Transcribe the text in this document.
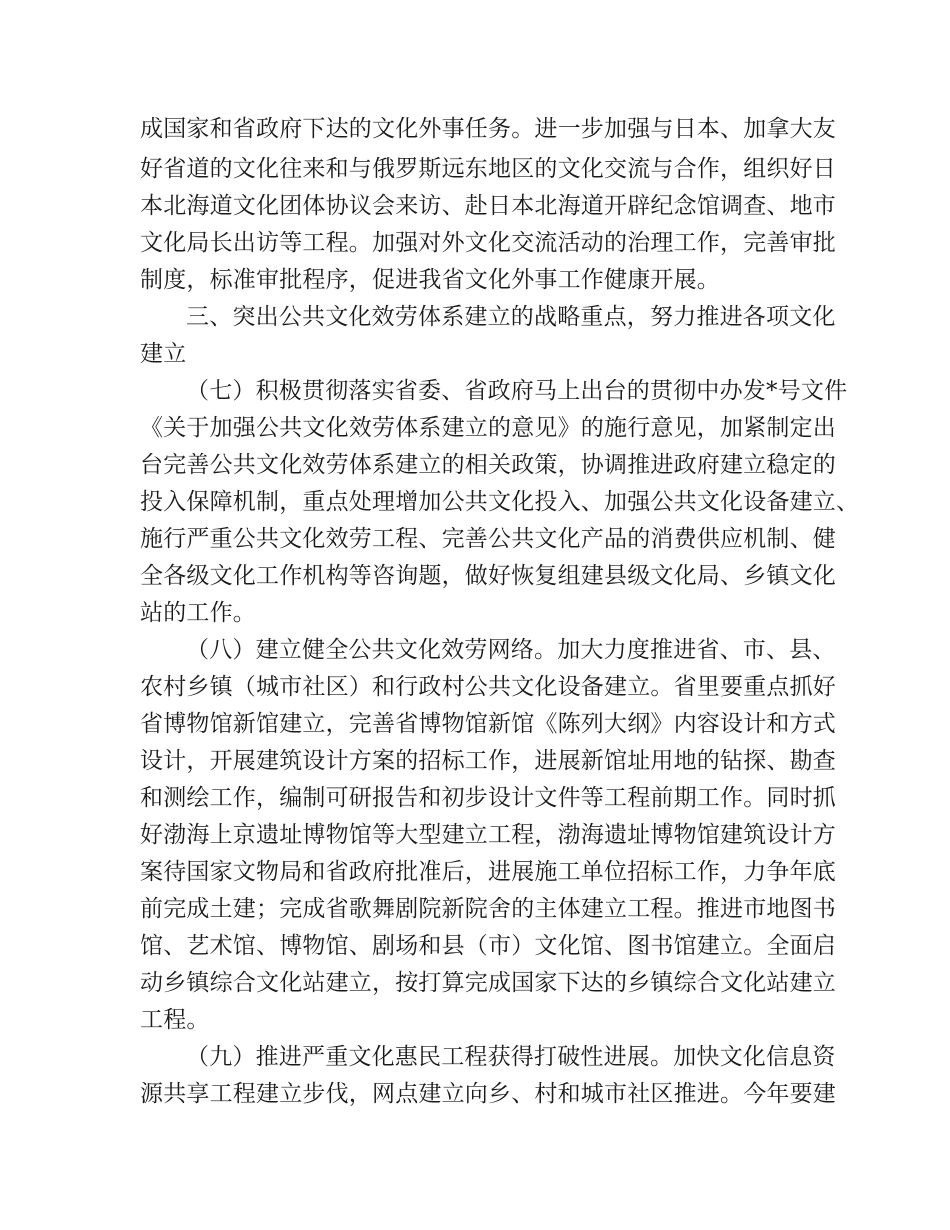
成国家和省政府下达的文化外事任务。进一步加强与日本、加拿大友
好省道的文化往来和与俄罗斯远东地区的文化交流与合作，组织好日
本北海道文化团体协议会来访、赴日本北海道开辟纪念馆调查、地市
文化局长出访等工程。加强对外文化交流活动的治理工作，完善审批
制度，标准审批程序，促进我省文化外事工作健康开展。
三、突出公共文化效劳体系建立的战略重点，努力推进各项文化
建立
（七）积极贯彻落实省委、省政府马上出台的贯彻中办发*号文件
《关于加强公共文化效劳体系建立的意见》的施行意见，加紧制定出
台完善公共文化效劳体系建立的相关政策，协调推进政府建立稳定的
投入保障机制，重点处理增加公共文化投入、加强公共文化设备建立、
施行严重公共文化效劳工程、完善公共文化产品的消费供应机制、健
全各级文化工作机构等咨询题，做好恢复组建县级文化局、乡镇文化
站的工作。
（八）建立健全公共文化效劳网络。加大力度推进省、市、县、
农村乡镇（城市社区）和行政村公共文化设备建立。省里要重点抓好
省博物馆新馆建立，完善省博物馆新馆《陈列大纲》内容设计和方式
设计，开展建筑设计方案的招标工作，进展新馆址用地的钻探、勘查
和测绘工作，编制可研报告和初步设计文件等工程前期工作。同时抓
好渤海上京遗址博物馆等大型建立工程，渤海遗址博物馆建筑设计方
案待国家文物局和省政府批准后，进展施工单位招标工作，力争年底
前完成土建；完成省歌舞剧院新院舍的主体建立工程。推进市地图书
馆、艺术馆、博物馆、剧场和县（市）文化馆、图书馆建立。全面启
动乡镇综合文化站建立，按打算完成国家下达的乡镇综合文化站建立
工程。
（九）推进严重文化惠民工程获得打破性进展。加快文化信息资
源共享工程建立步伐，网点建立向乡、村和城市社区推进。今年要建
